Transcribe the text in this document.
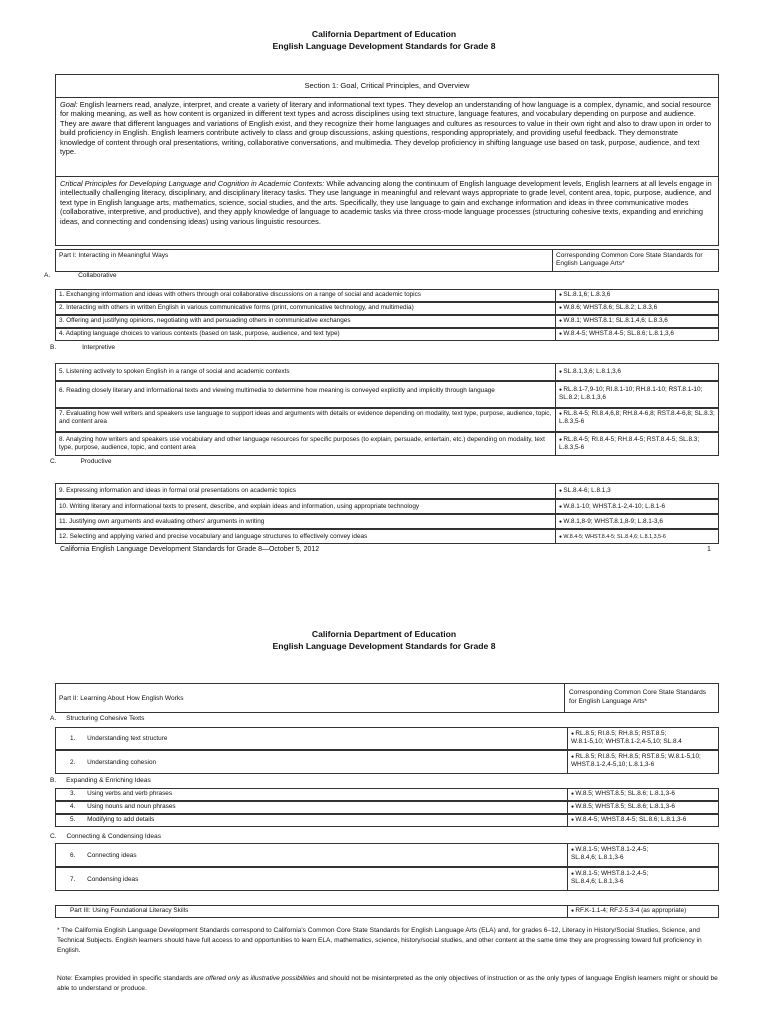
California Department of Education
English Language Development Standards for Grade 8
Section 1: Goal, Critical Principles, and Overview
Goal: English learners read, analyze, interpret, and create a variety of literary and informational text types. They develop an understanding of how language is a complex, dynamic, and social resource for making meaning, as well as how content is organized in different text types and across disciplines using text structure, language features, and vocabulary depending on purpose and audience. They are aware that different languages and variations of English exist, and they recognize their home languages and cultures as resources to value in their own right and also to draw upon in order to build proficiency in English. English learners contribute actively to class and group discussions, asking questions, responding appropriately, and providing useful feedback. They demonstrate knowledge of content through oral presentations, writing, collaborative conversations, and multimedia. They develop proficiency in shifting language use based on task, purpose, audience, and text type.
Critical Principles for Developing Language and Cognition in Academic Contexts: While advancing along the continuum of English language development levels, English learners at all levels engage in intellectually challenging literacy, disciplinary, and disciplinary literacy tasks. They use language in meaningful and relevant ways appropriate to grade level, content area, topic, purpose, audience, and text type in English language arts, mathematics, science, social studies, and the arts. Specifically, they use language to gain and exchange information and ideas in three communicative modes (collaborative, interpretive, and productive), and they apply knowledge of language to academic tasks via three cross-mode language processes (structuring cohesive texts, expanding and enriching ideas, and connecting and condensing ideas) using various linguistic resources.
Part I: Interacting in Meaningful Ways	Corresponding Common Core State Standards for English Language Arts*
A.	Collaborative
1. Exchanging information and ideas with others through oral collaborative discussions on a range of social and academic topics	● SL.8.1,6; L.8.3,6
2. Interacting with others in written English in various communicative forms (print, communicative technology, and multimedia)	● W.8.6; WHST.8.6; SL.8.2; L.8.3,6
3. Offering and justifying opinions, negotiating with and persuading others in communicative exchanges	● W.8.1; WHST.8.1; SL.8.1,4,6; L.8.3,6
4. Adapting language choices to various contexts (based on task, purpose, audience, and text type)	● W.8.4-5; WHST.8.4-5; SL.8.6; L.8.1,3,6
B.	Interpretive
5. Listening actively to spoken English in a range of social and academic contexts	● SL.8.1,3,6; L.8.1,3,6
6. Reading closely literary and informational texts and viewing multimedia to determine how meaning is conveyed explicitly and implicitly through language	● RL.8.1-7,9-10; RI.8.1-10; RH.8.1-10; RST.8.1-10; SL.8.2; L.8.1,3,6
7. Evaluating how well writers and speakers use language to support ideas and arguments with details or evidence depending on modality, text type, purpose, audience, topic, and content area
● RL.8.4-5; RI.8.4,6,8; RH.8.4-6,8; RST.8.4-6,8; SL.8.3; L.8.3,5-6
8. Analyzing how writers and speakers use vocabulary and other language resources for specific purposes (to explain, persuade, entertain, etc.) depending on modality, text type, purpose, audience, topic, and content area
● RL.8.4-5; RI.8.4-5; RH.8.4-5; RST.8.4-5; SL.8.3; L.8.3,5-6
C.	Productive
9. Expressing information and ideas in formal oral presentations on academic topics	● SL.8.4-6; L.8.1,3
10. Writing literary and informational texts to present, describe, and explain ideas and information, using appropriate technology	● W.8.1-10; WHST.8.1-2,4-10; L.8.1-6
11. Justifying own arguments and evaluating others' arguments in writing	● W.8.1,8-9; WHST.8.1,8-9; L.8.1-3,6
12. Selecting and applying varied and precise vocabulary and language structures to effectively convey ideas	● W.8.4-5; WHST.8.4-5; SL.8.4,6; L.8.1,3,5-6
California English Language Development Standards for Grade 8—October 5, 2012	1
California Department of Education
English Language Development Standards for Grade 8
Part II: Learning About How English Works
Corresponding Common Core State Standards for English Language Arts*
A. Structuring Cohesive Texts
1. Understanding text structure
● RL.8.5; RI.8.5; RH.8.5; RST.8.5;
W.8.1-5,10; WHST.8.1-2,4-5,10; SL.8.4
2. Understanding cohesion
● RL.8.5; RI.8.5; RH.8.5; RST.8.5; W.8.1-5,10;
WHST.8.1-2,4-5,10; L.8.1,3-6
B. Expanding & Enriching Ideas
3. Using verbs and verb phrases	● W.8.5; WHST.8.5; SL.8.6; L.8.1,3-6
4. Using nouns and noun phrases	● W.8.5; WHST.8.5; SL.8.6; L.8.1,3-6
5. Modifying to add details	● W.8.4-5; WHST.8.4-5; SL.8.6; L.8.1,3-6
C. Connecting & Condensing Ideas
6. Connecting ideas
● W.8.1-5; WHST.8.1-2,4-5;
SL.8.4,6; L.8.1,3-6
7. Condensing ideas
● W.8.1-5; WHST.8.1-2,4-5;
SL.8.4,6; L.8.1,3-6
Part III: Using Foundational Literacy Skills	● RF.K-1.1-4; RF.2-5.3-4 (as appropriate)
* The California English Language Development Standards correspond to California's Common Core State Standards for English Language Arts (ELA) and, for grades 6–12, Literacy in History/Social Studies, Science, and Technical Subjects. English learners should have full access to and opportunities to learn ELA, mathematics, science, history/social studies, and other content at the same time they are progressing toward full proficiency in English.
Note: Examples provided in specific standards are offered only as illustrative possibilities and should not be misinterpreted as the only objectives of instruction or as the only types of language English learners might or should be able to understand or produce.
